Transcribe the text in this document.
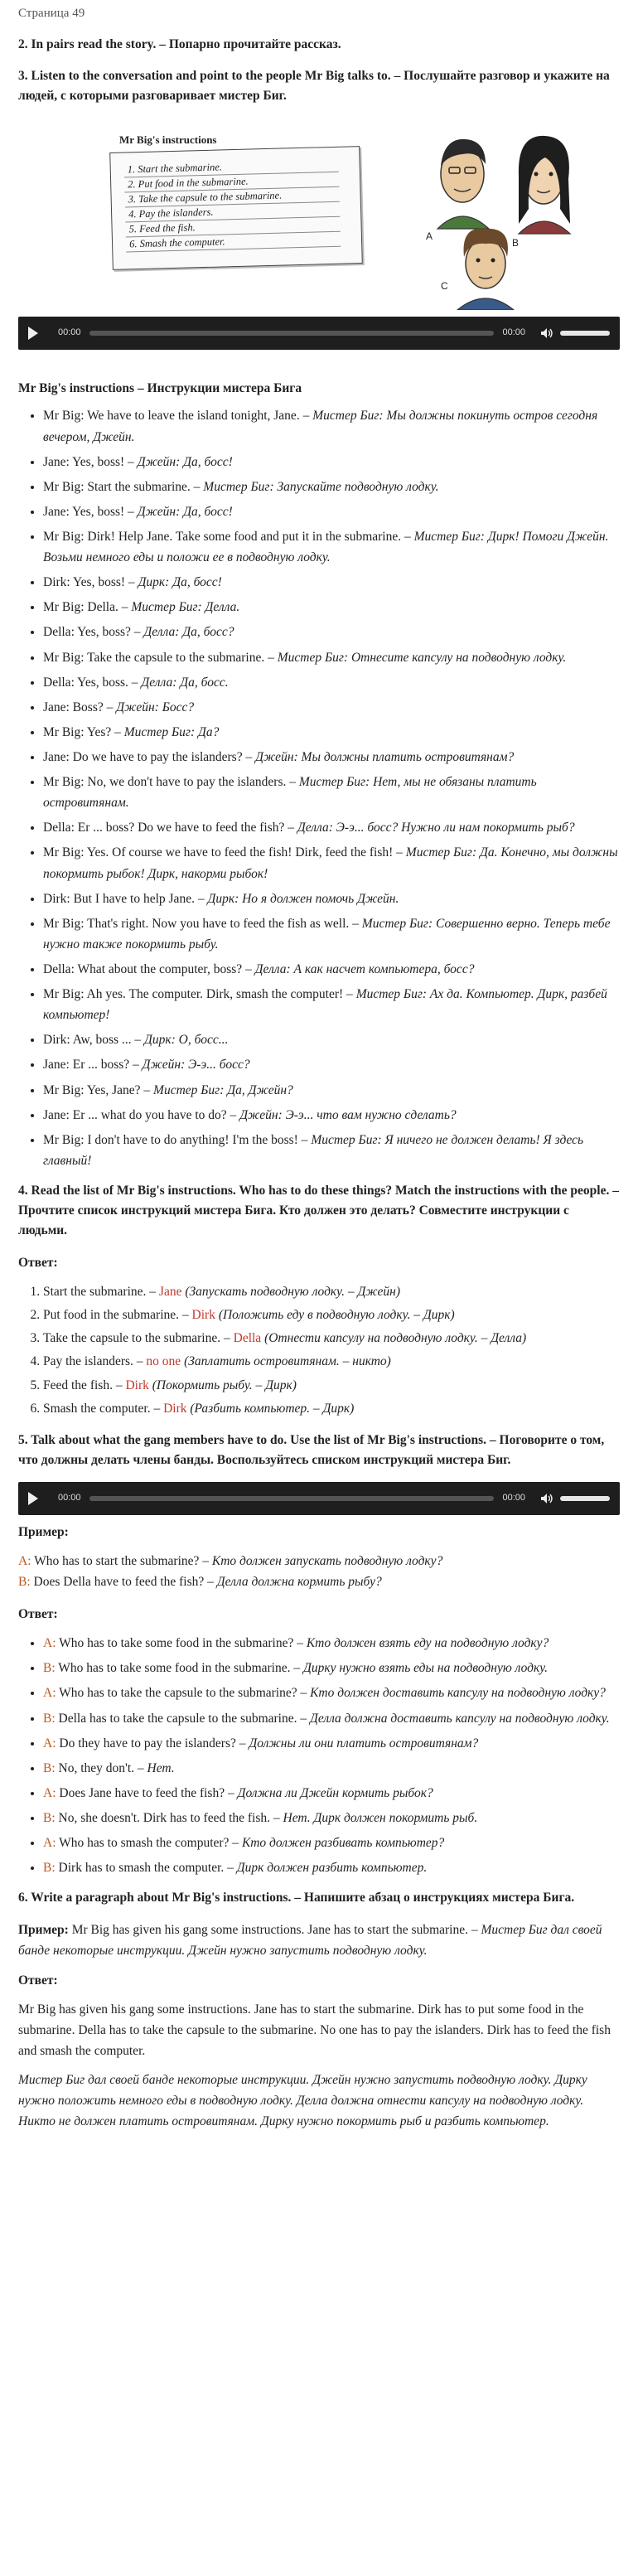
Страница 49
2. In pairs read the story. – Попарно прочитайте рассказ.
3. Listen to the conversation and point to the people Mr Big talks to. – Послушайте разговор и укажите на людей, с которыми разговаривает мистер Биг.
Mr Big's instructions
1. Start the submarine.
2. Put food in the submarine.
3. Take the capsule to the submarine.
4. Pay the islanders.
5. Feed the fish.
6. Smash the computer.	A
B
C
00:00	00:00
Mr Big's instructions – Инструкции мистера Бига
• Mr Big: We have to leave the island tonight, Jane. – Мистер Биг: Мы должны покинуть остров сегодня вечером, Джейн.
• Jane: Yes, boss! – Джейн: Да, босс!
• Mr Big: Start the submarine. – Мистер Биг: Запускайте подводную лодку.
• Jane: Yes, boss! – Джейн: Да, босс!
• Mr Big: Dirk! Help Jane. Take some food and put it in the submarine. – Мистер Биг: Дирк! Помоги Джейн. Возьми немного еды и положи ее в подводную лодку.
• Dirk: Yes, boss! – Дирк: Да, босс!
• Mr Big: Della. – Мистер Биг: Делла.
• Della: Yes, boss? – Делла: Да, босс?
• Mr Big: Take the capsule to the submarine. – Мистер Биг: Отнесите капсулу на подводную лодку.
• Della: Yes, boss. – Делла: Да, босс.
• Jane: Boss? – Джейн: Босс?
• Mr Big: Yes? – Мистер Биг: Да?
• Jane: Do we have to pay the islanders? – Джейн: Мы должны платить островитянам?
• Mr Big: No, we don't have to pay the islanders. – Мистер Биг: Нет, мы не обязаны платить островитянам.
• Della: Er ... boss? Do we have to feed the fish? – Делла: Э-э... босс? Нужно ли нам покормить рыб?
• Mr Big: Yes. Of course we have to feed the fish! Dirk, feed the fish! – Мистер Биг: Да. Конечно, мы должны покормить рыбок! Дирк, накорми рыбок!
• Dirk: But I have to help Jane. – Дирк: Но я должен помочь Джейн.
• Mr Big: That's right. Now you have to feed the fish as well. – Мистер Биг: Совершенно верно. Теперь тебе нужно также покормить рыбу.
• Della: What about the computer, boss? – Делла: А как насчет компьютера, босс?
• Mr Big: Ah yes. The computer. Dirk, smash the computer! – Мистер Биг: Ах да. Компьютер. Дирк, разбей компьютер!
• Dirk: Aw, boss ... – Дирк: О, босс...
• Jane: Er ... boss? – Джейн: Э-э... босс?
• Mr Big: Yes, Jane? – Мистер Биг: Да, Джейн?
• Jane: Er ... what do you have to do? – Джейн: Э-э... что вам нужно сделать?
• Mr Big: I don't have to do anything! I'm the boss! – Мистер Биг: Я ничего не должен делать! Я здесь главный!
4. Read the list of Mr Big's instructions. Who has to do these things? Match the instructions with the people. – Прочтите список инструкций мистера Бига. Кто должен это делать? Совместите инструкции с людьми.

Ответ:

1. Start the submarine. – Jane (Запускать подводную лодку. – Джейн)
2. Put food in the submarine. – Dirk (Положить еду в подводную лодку. – Дирк)
3. Take the capsule to the submarine. – Della (Отнести капсулу на подводную лодку. – Делла)
4. Pay the islanders. – no one (Заплатить островитянам. – никто)
5. Feed the fish. – Dirk (Покормить рыбу. – Дирк)
6. Smash the computer. – Dirk (Разбить компьютер. – Дирк)
5. Talk about what the gang members have to do. Use the list of Mr Big's instructions. – Поговорите о том, что должны делать члены банды. Воспользуйтесь списком инструкций мистера Биг.
00:00	00:00

Пример:

A: Who has to start the submarine? – Кто должен запускать подводную лодку?
B: Does Della have to feed the fish? – Делла должна кормить рыбу?

Ответ:

• A: Who has to take some food in the submarine? – Кто должен взять еду на подводную лодку?
• B: Who has to take some food in the submarine. – Дирку нужно взять еды на подводную лодку.
• A: Who has to take the capsule to the submarine? – Кто должен доставить капсулу на подводную лодку?
• B: Della has to take the capsule to the submarine. – Делла должна доставить капсулу на подводную лодку.
• A: Do they have to pay the islanders? – Должны ли они платить островитянам?
• B: No, they don't. – Нет.
• A: Does Jane have to feed the fish? – Должна ли Джейн кормить рыбок?
• B: No, she doesn't. Dirk has to feed the fish. – Нет. Дирк должен покормить рыб.
• A: Who has to smash the computer? – Кто должен разбивать компьютер?
• B: Dirk has to smash the computer. – Дирк должен разбить компьютер.
6. Write a paragraph about Mr Big's instructions. – Напишите абзац о инструкциях мистера Бига.

Пример: Mr Big has given his gang some instructions. Jane has to start the submarine. – Мистер Биг дал своей банде некоторые инструкции. Джейн нужно запустить подводную лодку.

Ответ:

Mr Big has given his gang some instructions. Jane has to start the submarine. Dirk has to put some food in the submarine. Della has to take the capsule to the submarine. No one has to pay the islanders. Dirk has to feed the fish and smash the computer.

Мистер Биг дал своей банде некоторые инструкции. Джейн нужно запустить подводную лодку. Дирку нужно положить немного еды в подводную лодку. Делла должна отнести капсулу на подводную лодку. Никто не должен платить островитянам. Дирку нужно покормить рыб и разбить компьютер.
